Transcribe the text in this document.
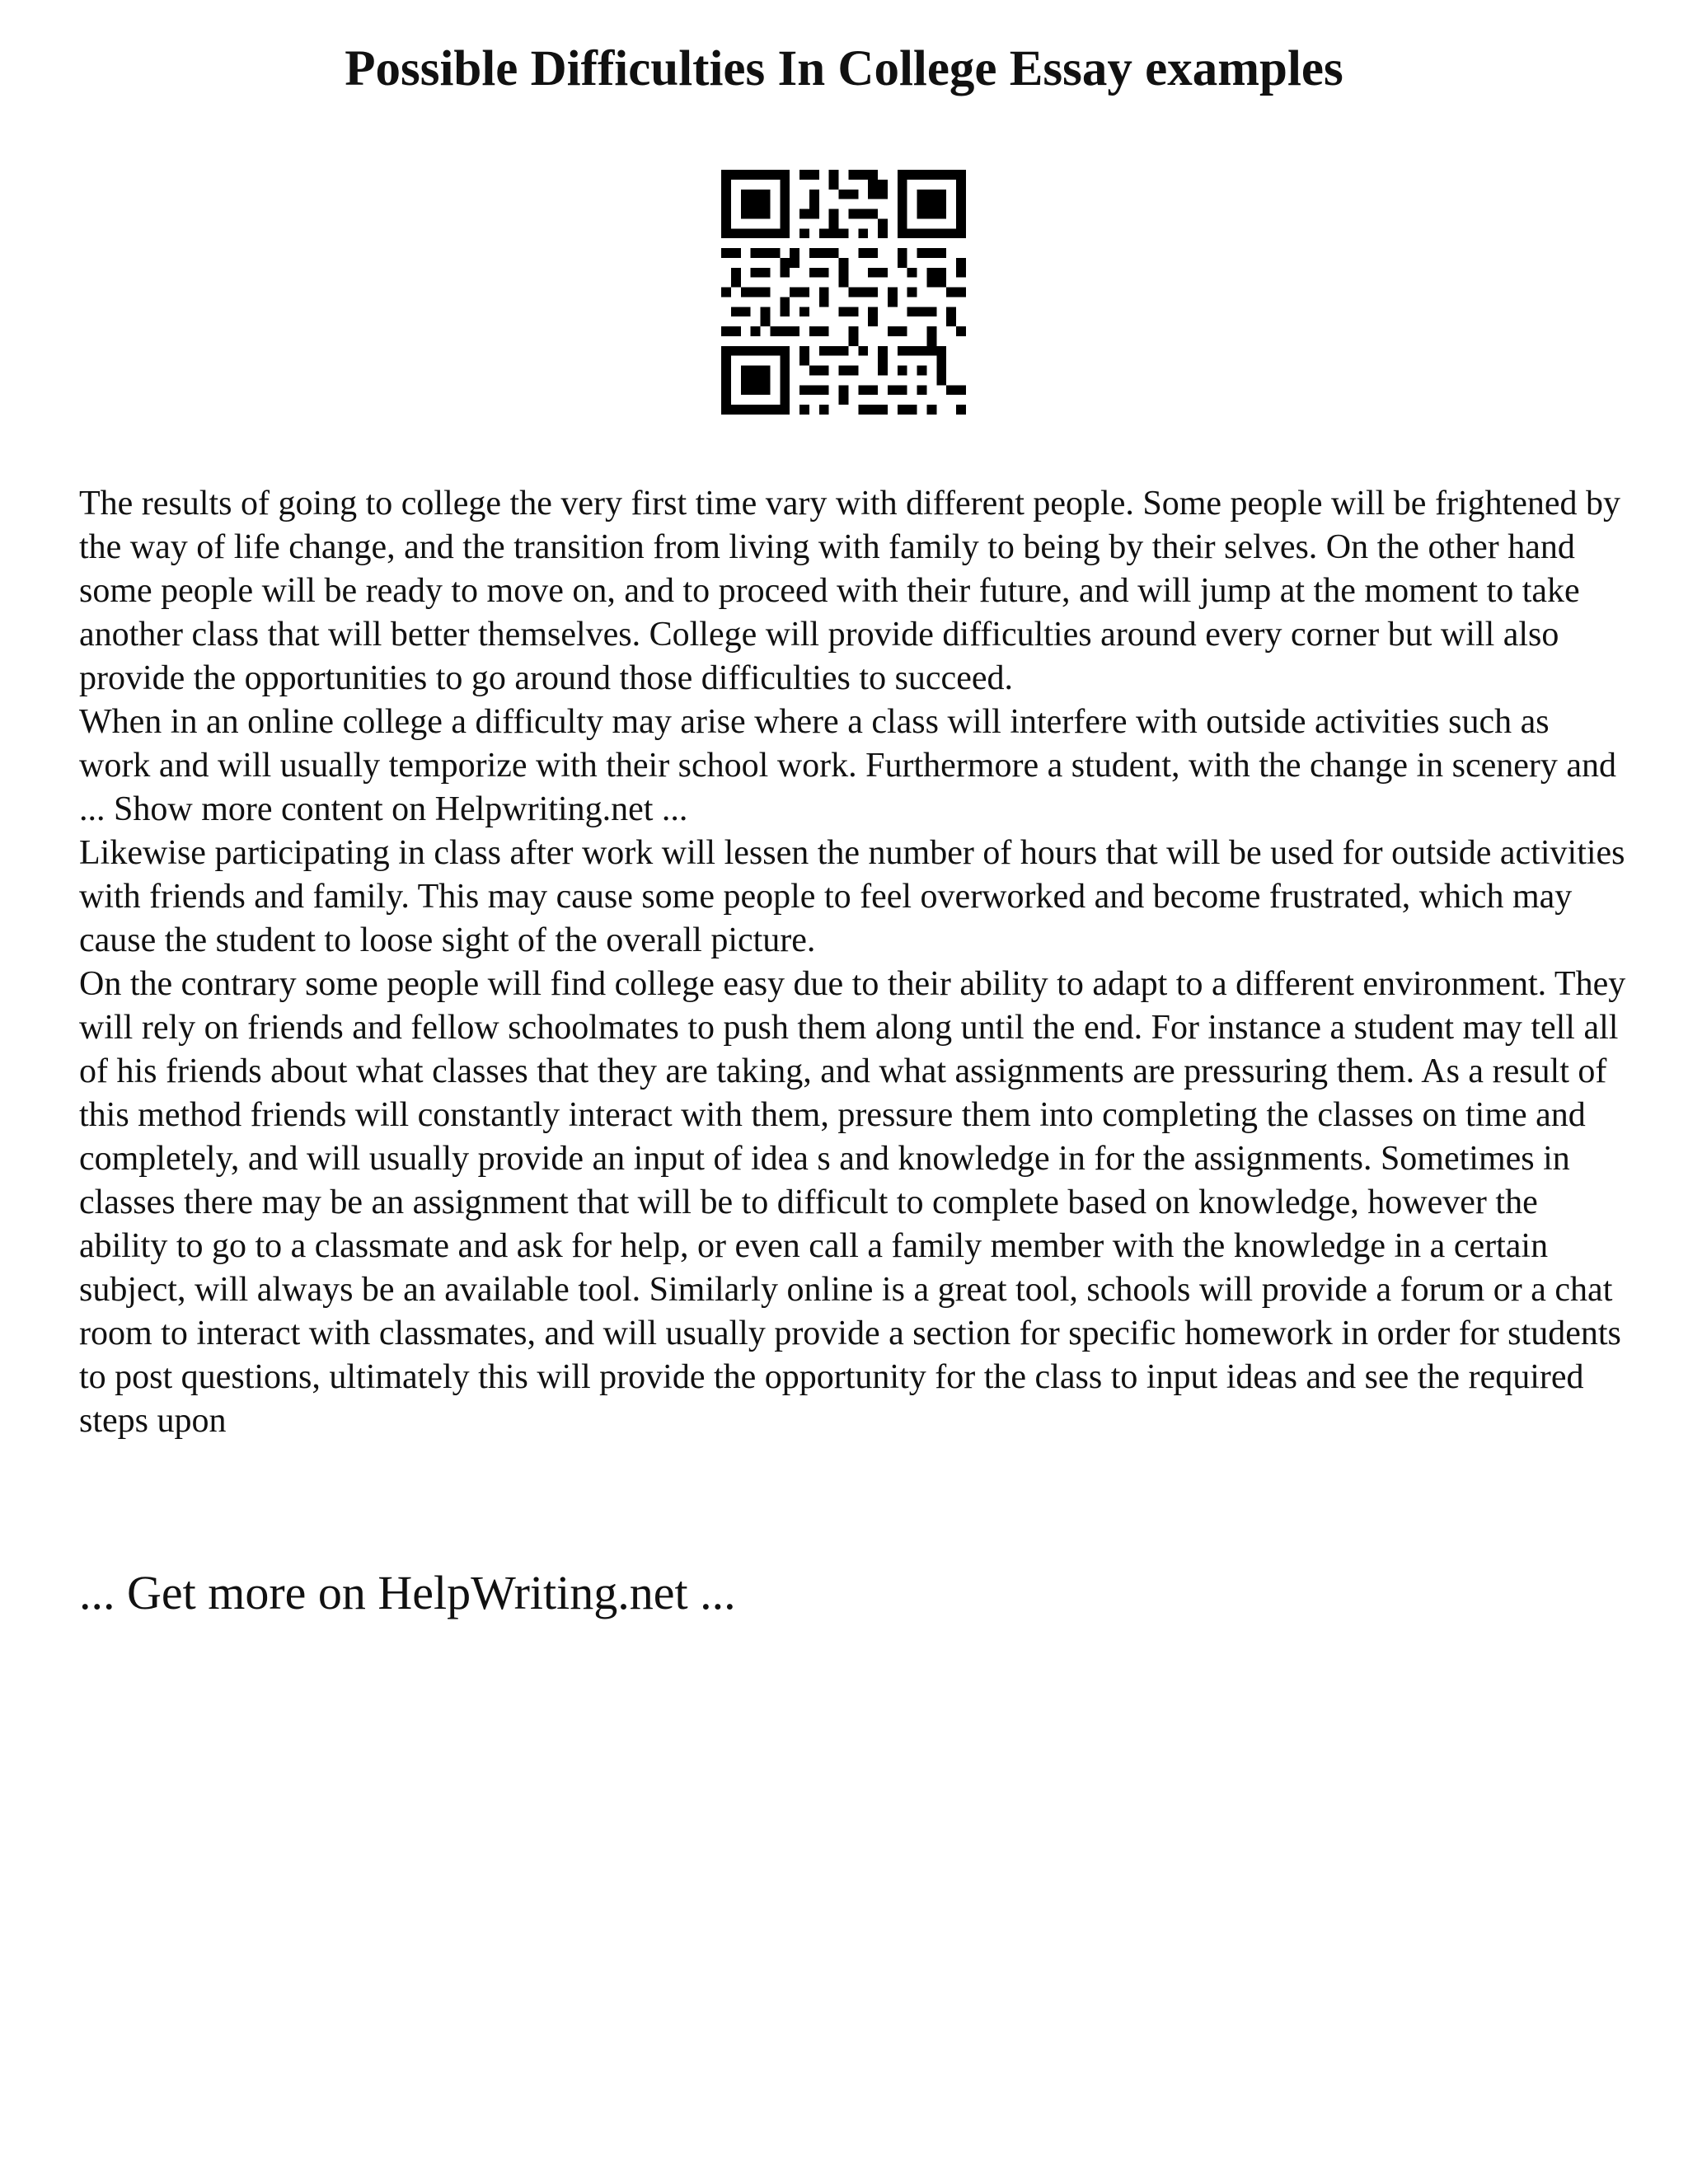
Possible Difficulties In College Essay examples

The results of going to college the very first time vary with different people. Some people will be frightened by the way of life change, and the transition from living with family to being by their selves. On the other hand some people will be ready to move on, and to proceed with their future, and will jump at the moment to take another class that will better themselves. College will provide difficulties around every corner but will also provide the opportunities to go around those difficulties to succeed.

When in an online college a difficulty may arise where a class will interfere with outside activities such as work and will usually temporize with their school work. Furthermore a student, with the change in scenery and ... Show more content on Helpwriting.net ...

Likewise participating in class after work will lessen the number of hours that will be used for outside activities with friends and family. This may cause some people to feel overworked and become frustrated, which may cause the student to loose sight of the overall picture.

On the contrary some people will find college easy due to their ability to adapt to a different environment. They will rely on friends and fellow schoolmates to push them along until the end. For instance a student may tell all of his friends about what classes that they are taking, and what assignments are pressuring them. As a result of this method friends will constantly interact with them, pressure them into completing the classes on time and completely, and will usually provide an input of idea s and knowledge in for the assignments. Sometimes in classes there may be an assignment that will be to difficult to complete based on knowledge, however the ability to go to a classmate and ask for help, or even call a family member with the knowledge in a certain subject, will always be an available tool. Similarly online is a great tool, schools will provide a forum or a chat room to interact with classmates, and will usually provide a section for specific homework in order for students to post questions, ultimately this will provide the opportunity for the class to input ideas and see the required steps upon

... Get more on HelpWriting.net ...
